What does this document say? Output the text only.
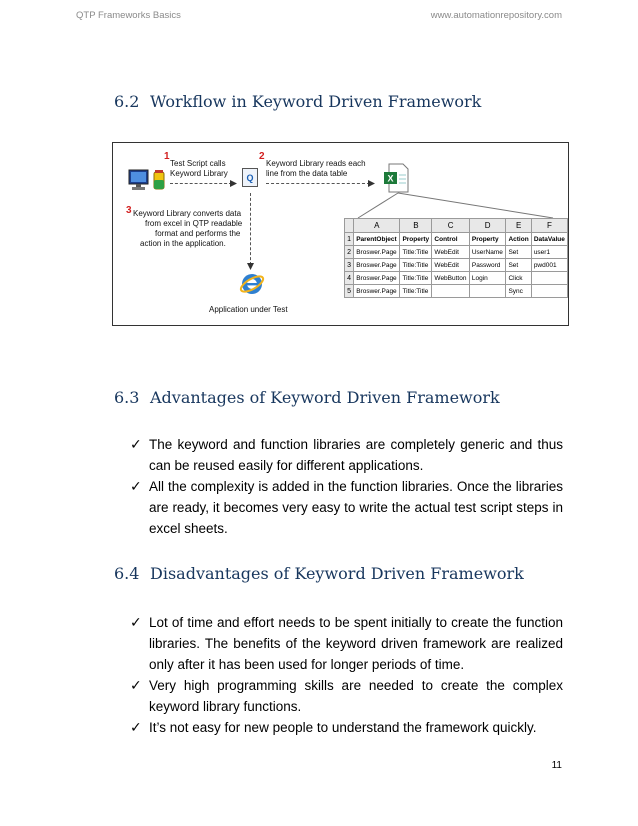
QTP Frameworks Basics	www.automationrepository.com
6.2 Workflow in Keyword Driven Framework
1
Test Script calls
Keyword Library Q
2
Keyword Library reads each
line from the data table	X
3 Keyword Library converts data
from excel in QTP readable
format and performs the
action in the application.
Application under Test
	A	B	C	D	E	F
1	ParentObject	Property	Control	Property	Action	DataValue
2	Broswer.Page	Title:Title	WebEdit	UserName	Set	user1
3	Broswer.Page	Title:Title	WebEdit	Password	Set	pwd001
4	Broswer.Page	Title:Title	WebButton	Login	Click	
5	Broswer.Page	Title:Title			Sync	
6.3 Advantages of Keyword Driven Framework
✓ The keyword and function libraries are completely generic and thus can be reused easily for different applications.
✓ All the complexity is added in the function libraries. Once the libraries are ready, it becomes very easy to write the actual test script steps in excel sheets.
6.4 Disadvantages of Keyword Driven Framework
✓ Lot of time and effort needs to be spent initially to create the function libraries. The benefits of the keyword driven framework are realized only after it has been used for longer periods of time.
✓ Very high programming skills are needed to create the complex keyword library functions.
✓ It’s not easy for new people to understand the framework quickly.
11
